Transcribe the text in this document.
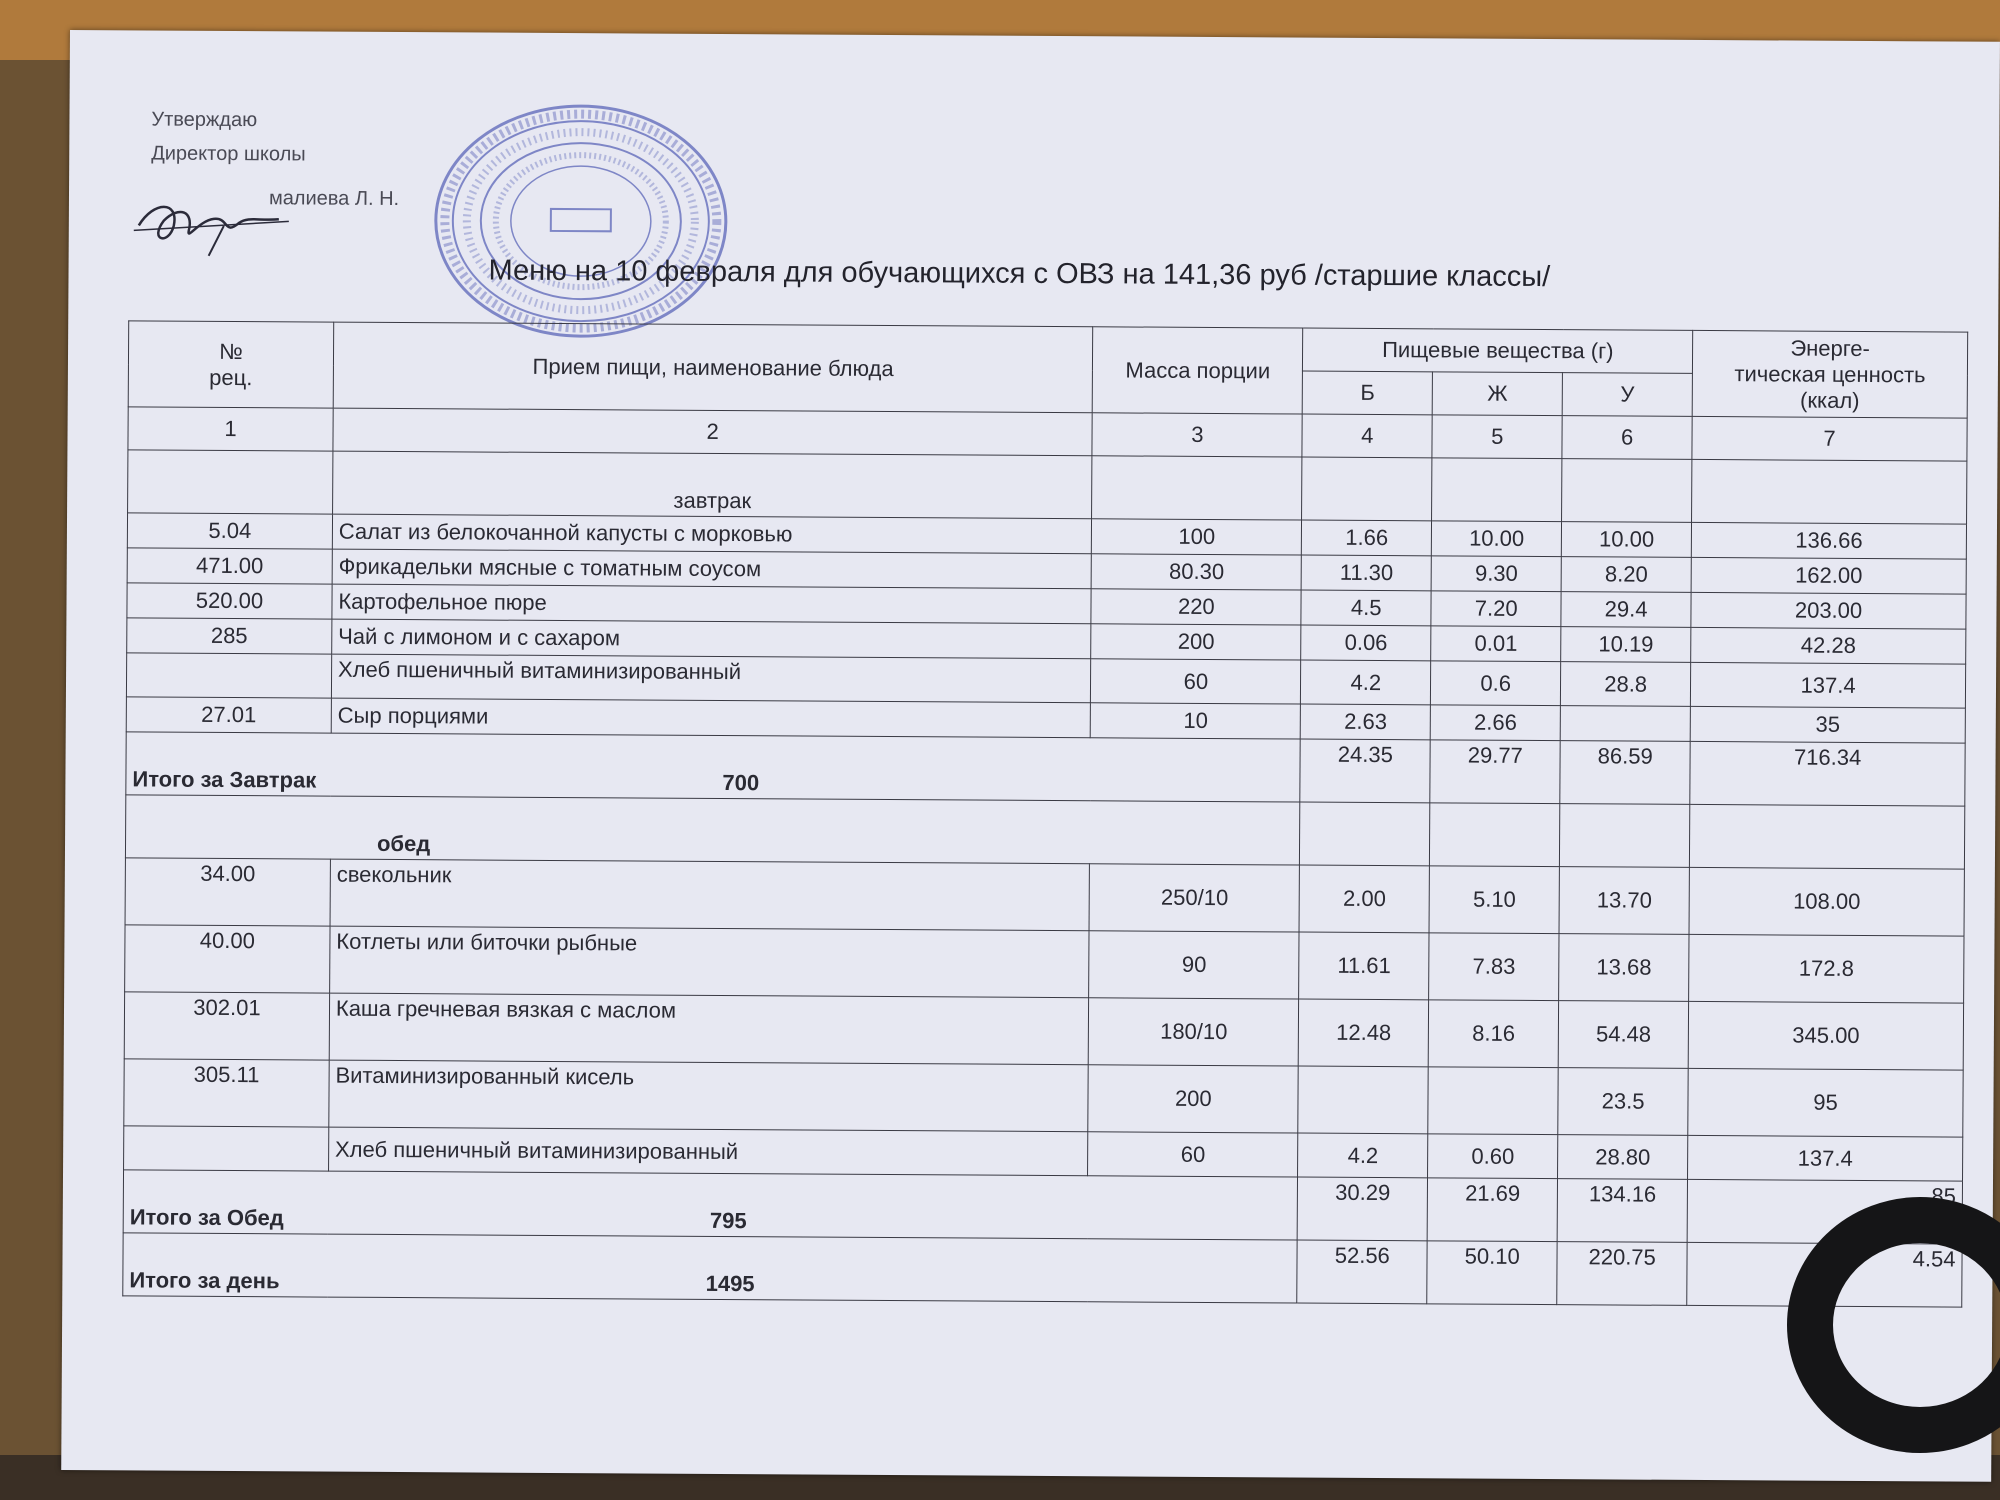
Утверждаю
Директор школы
малиева Л. Н.
Меню на 10 февраля для обучающихся с ОВЗ на 141,36 руб /старшие классы/
№
рец.	Прием пищи, наименование блюда	Масса порции	Пищевые вещества (г)			Энерге-
тическая ценность
(ккал)
			Б	Ж	У	
1	2	3	4	5	6	7
	завтрак					
5.04	Салат из белокочанной капусты с морковью	100	1.66	10.00	10.00	136.66
471.00	Фрикадельки мясные с томатным соусом	80.30	11.30	9.30	8.20	162.00
520.00	Картофельное пюре	220	4.5	7.20	29.4	203.00
285	Чай с лимоном и с сахаром	200	0.06	0.01	10.19	42.28
	Хлеб пшеничный витаминизированный	60	4.2	0.6	28.8	137.4
27.01	Сыр порциями	10	2.63	2.66		35
Итого за Завтрак 700			24.35	29.77	86.59	716.34
обед						
34.00	свекольник	250/10	2.00	5.10	13.70	108.00
40.00	Котлеты или биточки рыбные	90	11.61	7.83	13.68	172.8
302.01	Каша гречневая вязкая с маслом	180/10	12.48	8.16	54.48	345.00
305.11	Витаминизированный кисель	200			23.5	95
	Хлеб пшеничный витаминизированный	60	4.2	0.60	28.80	137.4
Итого за Обед 795			30.29	21.69	134.16	85
Итого за день 1495			52.56	50.10	220.75	4.54
